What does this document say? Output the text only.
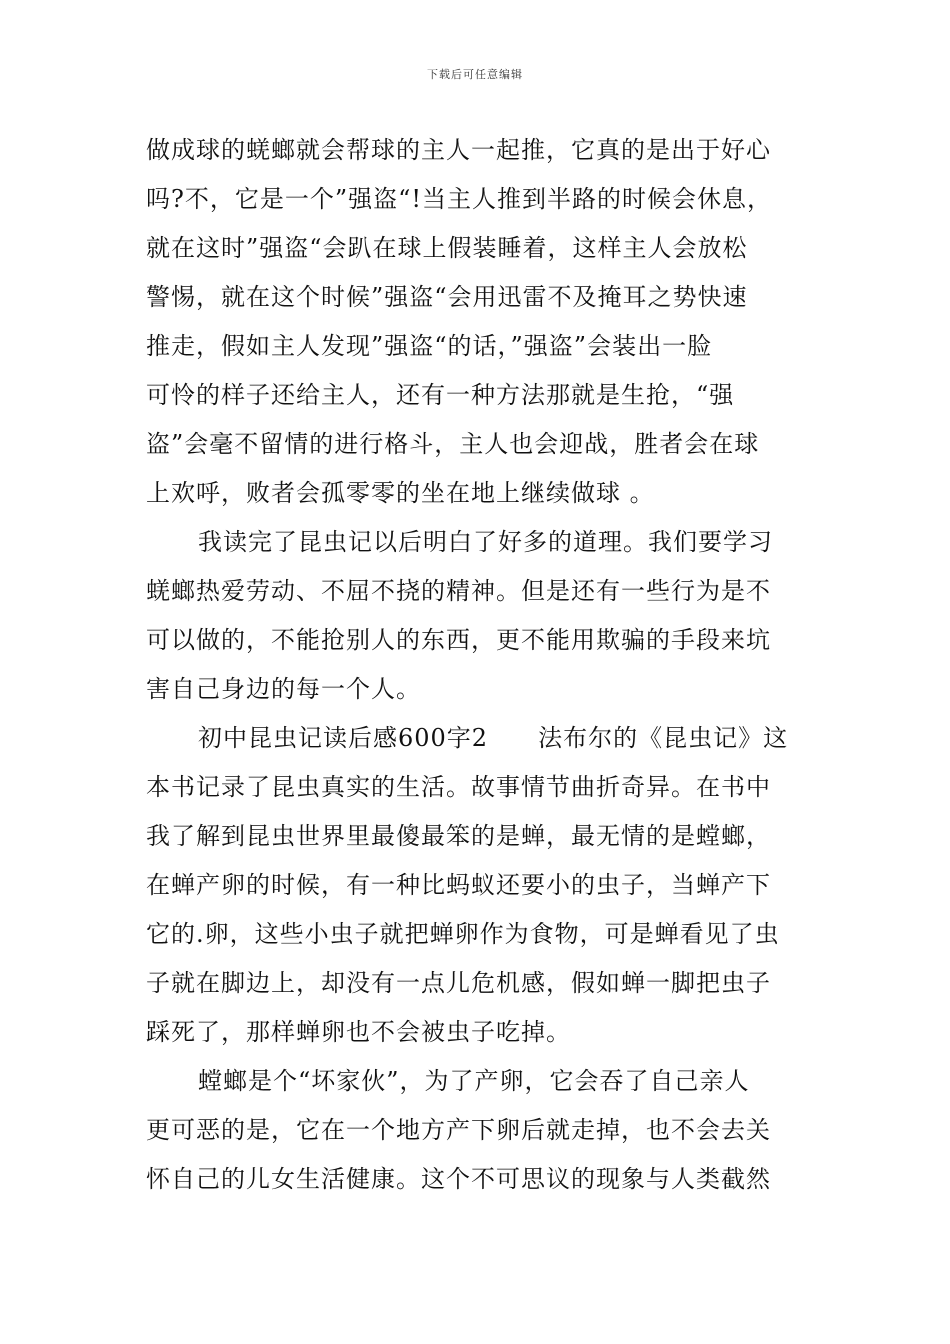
下载后可任意编辑
做成球的蜣螂就会帮球的主人一起推，它真的是出于好心
吗?不，它是一个”强盗“!当主人推到半路的时候会休息，
就在这时”强盗“会趴在球上假装睡着，这样主人会放松
警惕，就在这个时候”强盗“会用迅雷不及掩耳之势快速
推走，假如主人发现”强盗“的话，”强盗”会装出一脸
可怜的样子还给主人，还有一种方法那就是生抢，“强
盗”会毫不留情的进行格斗，主人也会迎战，胜者会在球
上欢呼，败者会孤零零的坐在地上继续做球 。
我读完了昆虫记以后明白了好多的道理。我们要学习
蜣螂热爱劳动、不屈不挠的精神。但是还有一些行为是不
可以做的，不能抢别人的东西，更不能用欺骗的手段来坑
害自己身边的每一个人。
初中昆虫记读后感600字2　　法布尔的《昆虫记》这
本书记录了昆虫真实的生活。故事情节曲折奇异。在书中
我了解到昆虫世界里最傻最笨的是蝉，最无情的是螳螂，
在蝉产卵的时候，有一种比蚂蚁还要小的虫子，当蝉产下
它的.卵，这些小虫子就把蝉卵作为食物，可是蝉看见了虫
子就在脚边上，却没有一点儿危机感，假如蝉一脚把虫子
踩死了，那样蝉卵也不会被虫子吃掉。
螳螂是个“坏家伙”，为了产卵，它会吞了自己亲人
更可恶的是，它在一个地方产下卵后就走掉，也不会去关
怀自己的儿女生活健康。这个不可思议的现象与人类截然
